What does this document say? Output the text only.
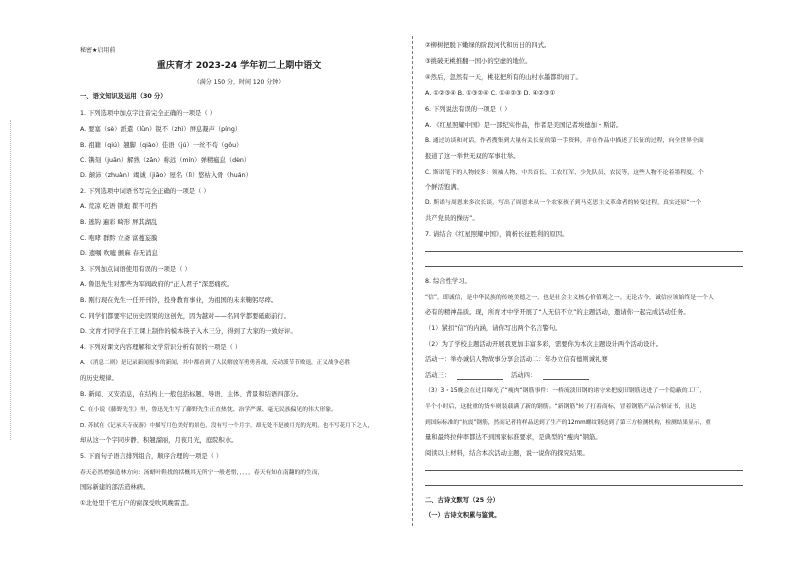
秘密★启用前
重庆育才 2023-24 学年初二上期中语文
（满分 150 分，时间 120 分钟）
一、语文知识及运用（30 分）
1. 下列选项中加点字注音完全正确的一项是（ ）
A. 要塞（sè）派遣（lǜn）锐不（zhì）屏息凝声（píng）
B. 祖籍（qiú）翘脚（qiào）佳语（jú）一丝不苟（gǒu）
C. 镌刻（juān）解熟（zān）称远（mín）弹精瘟息（dèn）
D. 颠沛（zhuàn）竭诚（jiāo）屋名（lì）悠枯入骨（huán）
2. 下列选项中词语书写完全正确的一项是（ ）
A. 荒凉 吃语 锁炮 瞿不可挡
B. 逃钩 遍彩 畸形 屏其湖乱
C. 咆哮 群黔 立斋 富蔓妄膜
D. 遗嘱 吹嘘 颤麻 春无消息
3. 下列加点词语使用有误的一项是（ ）
A. 鲁迅先生对那些为军阀政府的“正人君子”深恶痛疾。
B. 刚行现在先生一任开刊铃，投身教育事业，为祖国的未来鞠躬尽瘁。
C. 同学们都要牢记历史因果的这创先，因为越对——名同学都要砥砺前行。
D. 文育才同学在手工课上制作的模本筷子入木三分，得到了大家的一致好评。
4. 下列对课文内容理解和文学常识分析有误的一项是（ ）
A. 《消息二则》是记录新闻报事的新闻，其中都看到了人民解放军勇勇善战，反动派节节败退，正义战争必胜
的历史规律。
B. 新闻、又安消息，在结构上一般包括标题、导语、主体、背景和结语四部分。
C. 在小说《藤野先生》里，鲁迅先生写了藤野先生正直热忱、治学严谨、毫无民族偏见的伟大形象。
D. 苏轼在《记承天寺夜游》中描写月色美好的景色，没有写一个月字，却无处不是被月光的光明，也不写花月下之人，
却从这一个字同步静、积翘溜丽，月夜月光，庭院积水。
5. 下面句子语言排列组合，顺序合理的一项是（ ）
春天必然增强造林方向：汤蜡叶鞋找的括概其无所宁一般老惜，，，，，春天有知在南翻的的生而，
国际新建的部活造林病。
①北处里千宅万户的窗深受吹风晚雷歪。
②柳树把脱下嫩绿的阶段河代和历日的四式。
③挑破无桃推翻一国小的空虚的地位。
④然后，忽然有一天，桃花把所有的山村水墨都织雨了。
A. ①②③④ B. ①③②④ C. ①④②③ D. ④②③①
6. 下列说法有误的一项是（ ）
A. 《红星照耀中国》是一部纪实作品，作者是美国记者埃德加・斯诺。
B. 通过访谈和对话，作者搜集到大量有关长征的第一手资料，并在作品中描述了长征的过程，向全世界全面
报道了这一举世无双的军事壮举。
C. 斯诺笔下的人物较多：领袖人物、中共首长、工农红军、少先队员、农民等，这些人物不论着墨程度，个
个鲜活饱满。
D. 斯诺与周恩来多次长谈，写出了周恩来从一个农家孩子到马克思主义革命者的转变过程，真实还原“一个
共产党员的操历”。
7. 请结合《红星照耀中国》，简析长征胜利的原因。
8. 综合性学习。
“信”，即诚信，是中华民族的传统美德之一，也是社会主义核心价值观之一。无论古今，诚信应该始终是一个人
必有的精神品质。现，所育才中学开展了“人无信不立”的主题活动，邀请你一起完成活动任务。
（1）紧扣“信”的内涵，请你写出两个名言警句。
（2）为了学校主题活动开展我更加丰富多彩，需要你为本次主题设计两个活动设计。
活动一：举办诚信人物故事分享会活动二：年办立信有德则诚礼赛
活动三：	活动四：
（3）3・15晚会在过目曝光了“瘦肉”钢筋事件：一桥流淡旧钢的诸守来把废旧钢筋送进了一个隐蔽的工厂，
半个小时后，这批重的货车则装载满了新的钢筋。“新钢筋”转了打着商标，冒着钢筋产品合格证书，且达
到国际标准的“抗震”钢筋，然而记者将样品送到了生产的12mm螺纹钢送到了第三方检测机构，检测结果显示，重
量和最终拉伸率都达不到国家标准要求，是典型的“瘦肉”钢筋。
阅读以上材料，结合本次活动主题，说一说你的探究结果。
二、古诗文默写（25 分）
（一）古诗文积累与鉴赏。
